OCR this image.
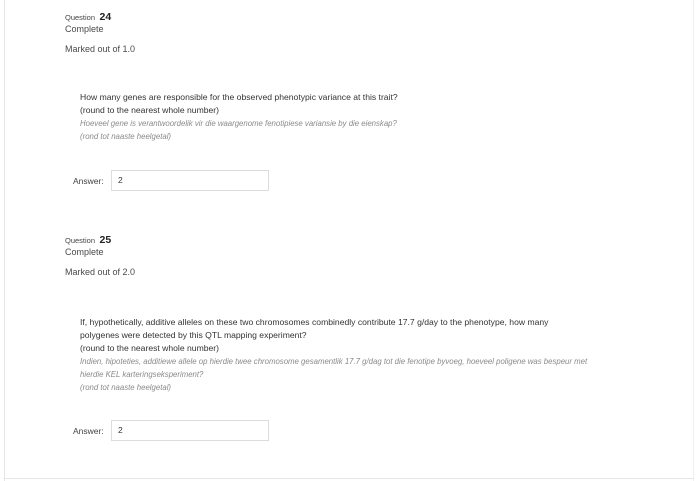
Question 24
Complete
Marked out of 1.0
How many genes are responsible for the observed phenotypic variance at this trait?
(round to the nearest whole number)
Hoeveel gene is verantwoordelik vir die waargenome fenotipiese variansie by die eienskap?
(rond tot naaste heelgetal)
Answer:	2
Question 25
Complete
Marked out of 2.0
If, hypothetically, additive alleles on these two chromosomes combinedly contribute 17.7 g/day to the phenotype, how many
polygenes were detected by this QTL mapping experiment?
(round to the nearest whole number)
Indien, hipoteties, additiewe allele op hierdie twee chromosome gesamentlik 17.7 g/dag tot die fenotipe byvoeg, hoeveel poligene was bespeur met
hierdie KEL karteringseksperiment?
(rond tot naaste heelgetal)
Answer:	2
